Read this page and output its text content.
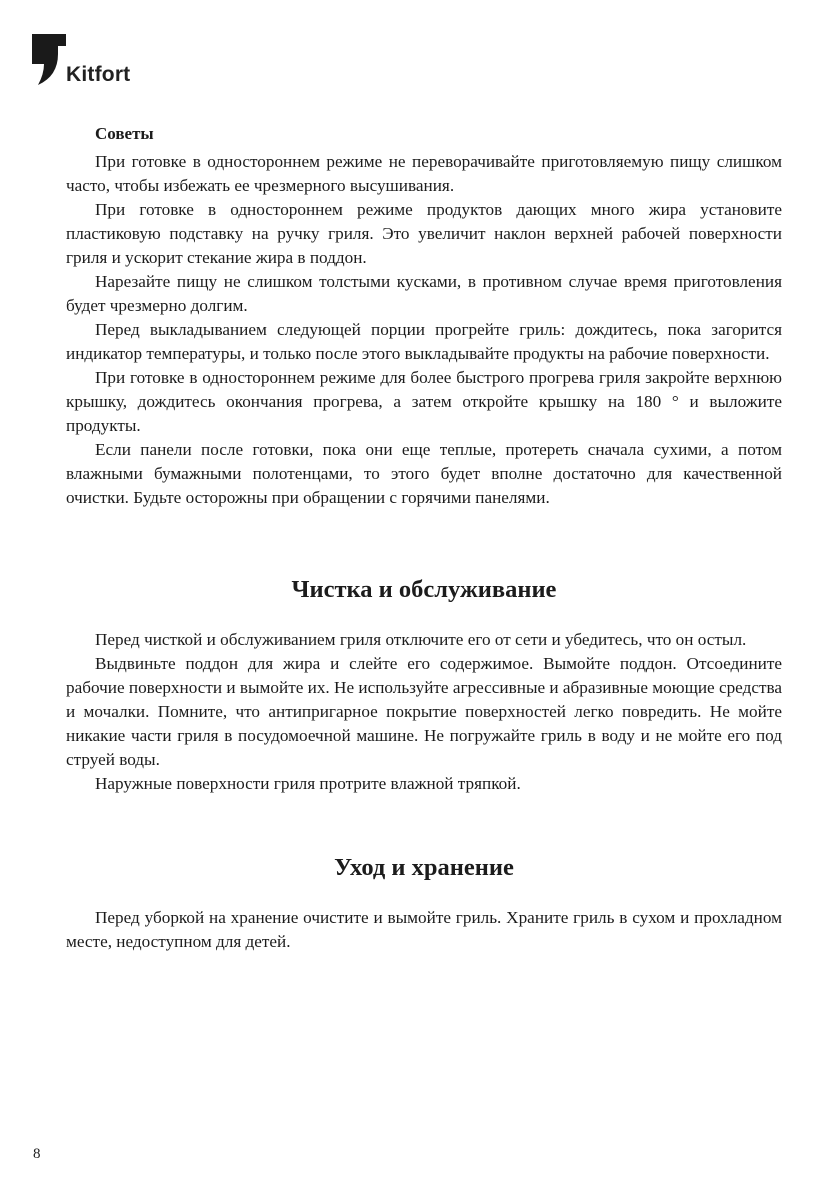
Kitfort
Советы

При готовке в одностороннем режиме не переворачивайте приготовляемую пищу слишком часто, чтобы избежать ее чрезмерного высушивания.

При готовке в одностороннем режиме продуктов дающих много жира установите пластиковую подставку на ручку гриля. Это увеличит наклон верхней рабочей поверхности гриля и ускорит стекание жира в поддон.

Нарезайте пищу не слишком толстыми кусками, в противном случае время приготовления будет чрезмерно долгим.

Перед выкладыванием следующей порции прогрейте гриль: дождитесь, пока загорится индикатор температуры, и только после этого выкладывайте продукты на рабочие поверхности.

При готовке в одностороннем режиме для более быстрого прогрева гриля закройте верхнюю крышку, дождитесь окончания прогрева, а затем откройте крышку на 180 ° и выложите продукты.

Если панели после готовки, пока они еще теплые, протереть сначала сухими, а потом влажными бумажными полотенцами, то этого будет вполне достаточно для качественной очистки. Будьте осторожны при обращении с горячими панелями.

Чистка и обслуживание

Перед чисткой и обслуживанием гриля отключите его от сети и убедитесь, что он остыл.

Выдвиньте поддон для жира и слейте его содержимое. Вымойте поддон. Отсоедините рабочие поверхности и вымойте их. Не используйте агрессивные и абразивные моющие средства и мочалки. Помните, что антипригарное покрытие поверхностей легко повредить. Не мойте никакие части гриля в посудомоечной машине. Не погружайте гриль в воду и не мойте его под струей воды.

Наружные поверхности гриля протрите влажной тряпкой.

Уход и хранение

Перед уборкой на хранение очистите и вымойте гриль. Храните гриль в сухом и прохладном месте, недоступном для детей.

8
